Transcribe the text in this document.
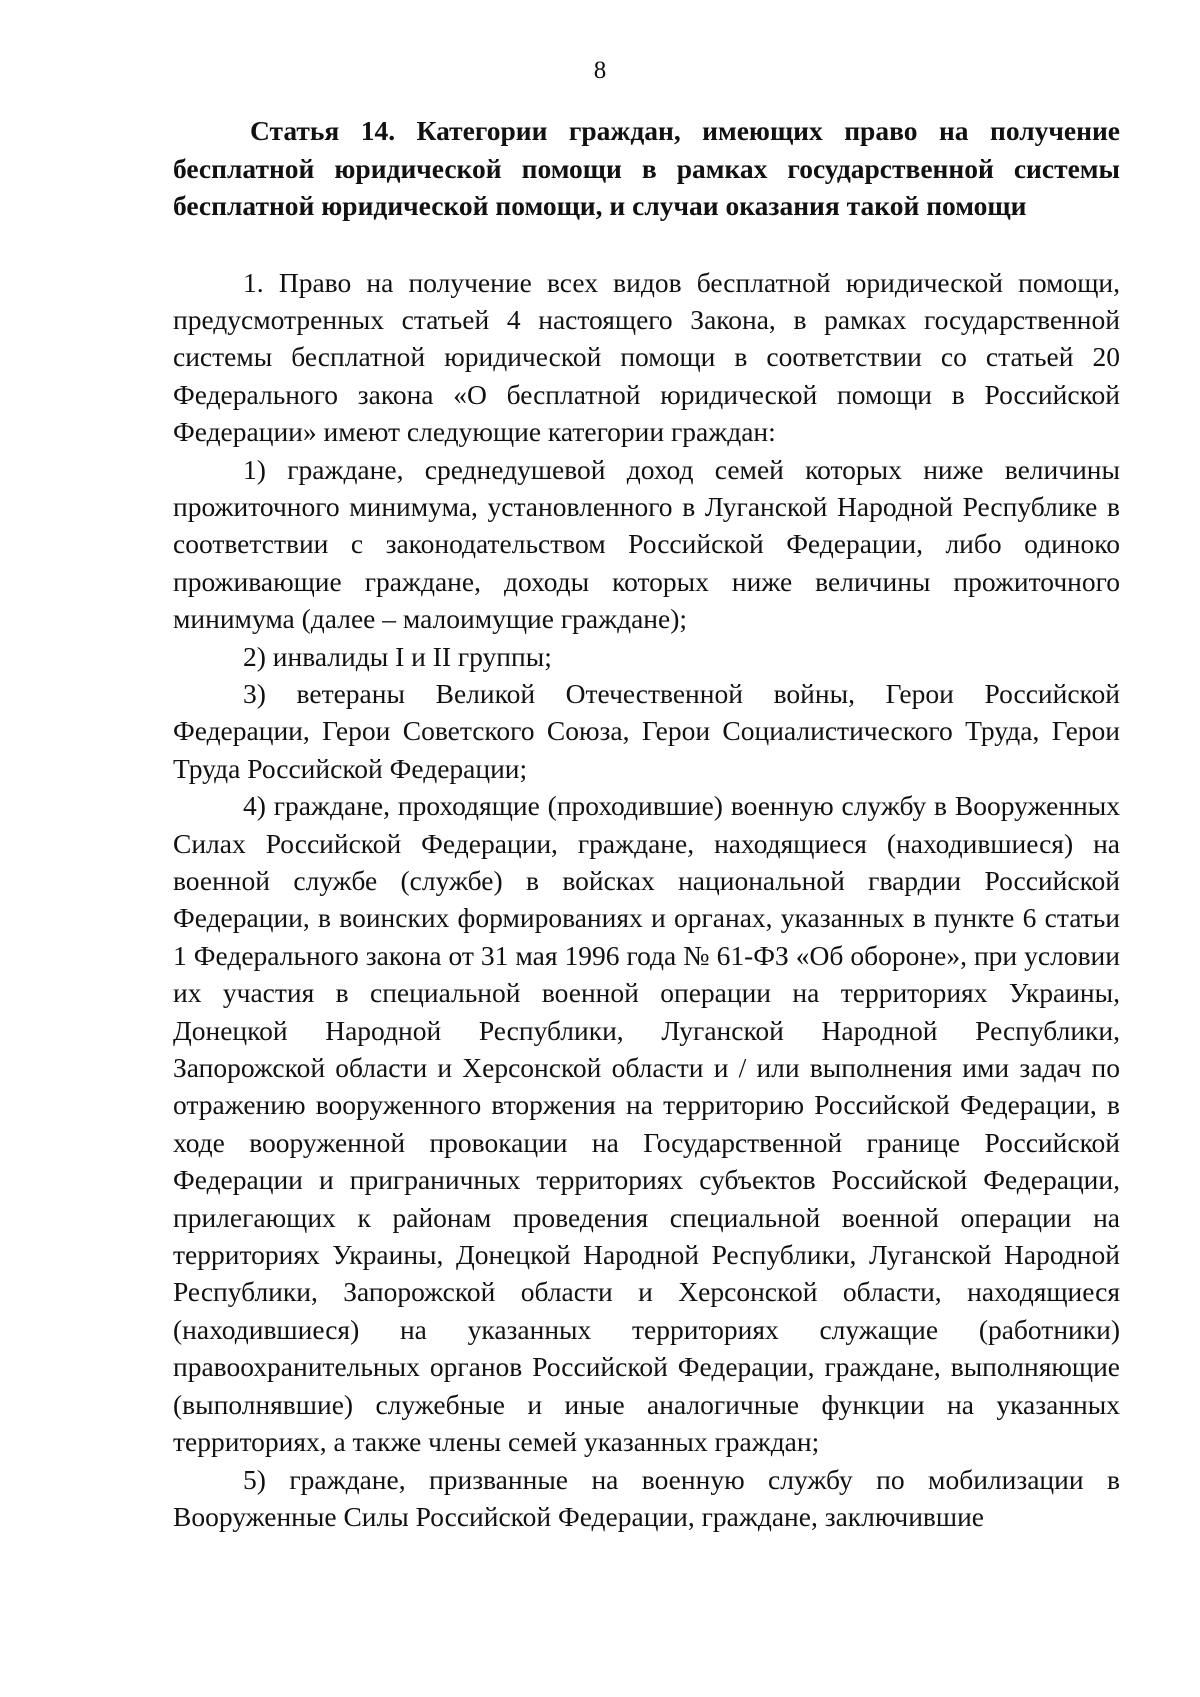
8
Статья 14. Категории граждан, имеющих право на получение бесплатной юридической помощи в рамках государственной системы бесплатной юридической помощи, и случаи оказания такой помощи

1. Право на получение всех видов бесплатной юридической помощи, предусмотренных статьей 4 настоящего Закона, в рамках государственной системы бесплатной юридической помощи в соответствии со статьей 20 Федерального закона «О бесплатной юридической помощи в Российской Федерации» имеют следующие категории граждан:

1) граждане, среднедушевой доход семей которых ниже величины прожиточного минимума, установленного в Луганской Народной Республике в соответствии с законодательством Российской Федерации, либо одиноко проживающие граждане, доходы которых ниже величины прожиточного минимума (далее – малоимущие граждане);

2) инвалиды I и II группы;

3) ветераны Великой Отечественной войны, Герои Российской Федерации, Герои Советского Союза, Герои Социалистического Труда, Герои Труда Российской Федерации;

4) граждане, проходящие (проходившие) военную службу в Вооруженных Силах Российской Федерации, граждане, находящиеся (находившиеся) на военной службе (службе) в войсках национальной гвардии Российской Федерации, в воинских формированиях и органах, указанных в пункте 6 статьи 1 Федерального закона от 31 мая 1996 года № 61-ФЗ «Об обороне», при условии их участия в специальной военной операции на территориях Украины, Донецкой Народной Республики, Луганской Народной Республики, Запорожской области и Херсонской области и / или выполнения ими задач по отражению вооруженного вторжения на территорию Российской Федерации, в ходе вооруженной провокации на Государственной границе Российской Федерации и приграничных территориях субъектов Российской Федерации, прилегающих к районам проведения специальной военной операции на территориях Украины, Донецкой Народной Республики, Луганской Народной Республики, Запорожской области и Херсонской области, находящиеся (находившиеся) на указанных территориях служащие (работники) правоохранительных органов Российской Федерации, граждане, выполняющие (выполнявшие) служебные и иные аналогичные функции на указанных территориях, а также члены семей указанных граждан;

5) граждане, призванные на военную службу по мобилизации в Вооруженные Силы Российской Федерации, граждане, заключившие
